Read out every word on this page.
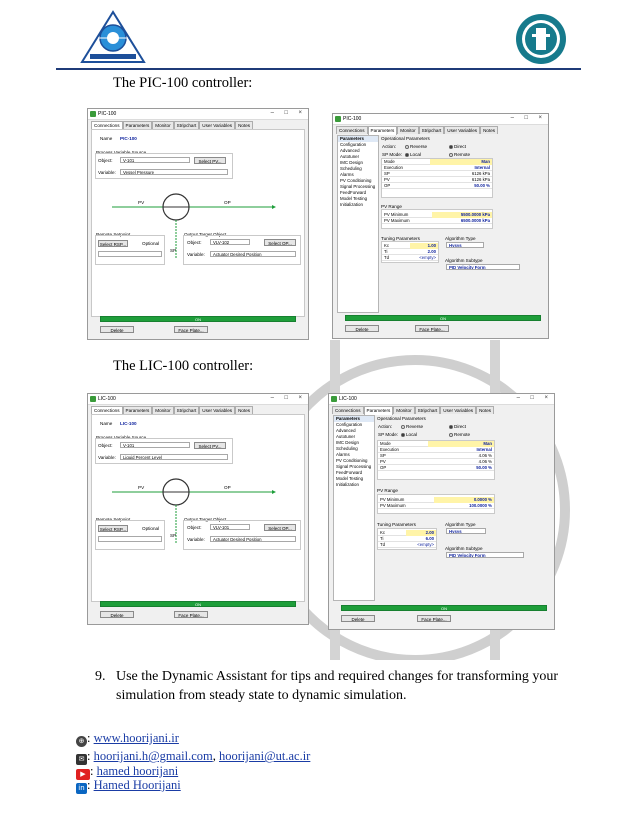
The PIC-100 controller:
PIC-100	– □ ×
Connections Parameters Monitor Stripchart User Variables Notes
Name PIC-100
Process Variable Source
Object:	V-101	Select PV...
Variable:	Vessel Pressure
PV	OP
SP
Remote Setpoint
Select RSP...	Optional
Output Target Object
Object:	VLV-102	Select OP...
Variable:	Actuator Desired Position
ON
Delete	Face Plate...
PIC-100	– □ ×
Connections Parameters Monitor Stripchart User Variables Notes
Parameters
Configuration
Advanced
Autotuner
IMC Design
Scheduling
Alarms
PV Conditioning
Signal Processing
FeedForward
Model Testing
Initialization
Operational Parameters
Action:	Reverse	Direct
SP Mode:	Local	Remote
Mode	Man
Execution	Internal
SP	6126 kPa
PV	6126 kPa
OP	50.00 %
PV Range
PV Minimum	5500.0000 kPa
PV Maximum	6500.0000 kPa
Tuning Parameters
Kc	1.00
Ti	2.00
Td	<empty>
Algorithm Type
Hysys
Algorithm Subtype
PID Velocity Form
ON
Delete	Face Plate...
The LIC-100 controller:
LIC-100	– □ ×
Connections Parameters Monitor Stripchart User Variables Notes
Name LIC-100
Process Variable Source
Object:	V-101	Select PV...
Variable:	Liquid Percent Level
PV	OP
SP
Remote Setpoint
Select RSP...	Optional
Output Target Object
Object:	VLV-101	Select OP...
Variable:	Actuator Desired Position
ON
Delete	Face Plate...
LIC-100	– □ ×
Connections Parameters Monitor Stripchart User Variables Notes
Parameters
Configuration
Advanced
Autotuner
IMC Design
Scheduling
Alarms
PV Conditioning
Signal Processing
FeedForward
Model Testing
Initialization
Operational Parameters
Action:	Reverse	Direct
SP Mode:	Local	Remote
Mode	Man
Execution	Internal
SP	4.06 %
PV	4.06 %
OP	50.00 %
PV Range
PV Minimum	0.0000 %
PV Maximum	100.0000 %
Tuning Parameters
Kc	2.00
Ti	6.00
Td	<empty>
Algorithm Type
Hysys
Algorithm Subtype
PID Velocity Form
ON
Delete	Face Plate...
9. Use the Dynamic Assistant for tips and required changes for transforming your simulation from steady state to dynamic simulation.
⊕ : www.hoorijani.ir
✉ : hoorijani.h@gmail.com, hoorijani@ut.ac.ir
▶ : hamed hoorijani
in : Hamed Hoorijani
